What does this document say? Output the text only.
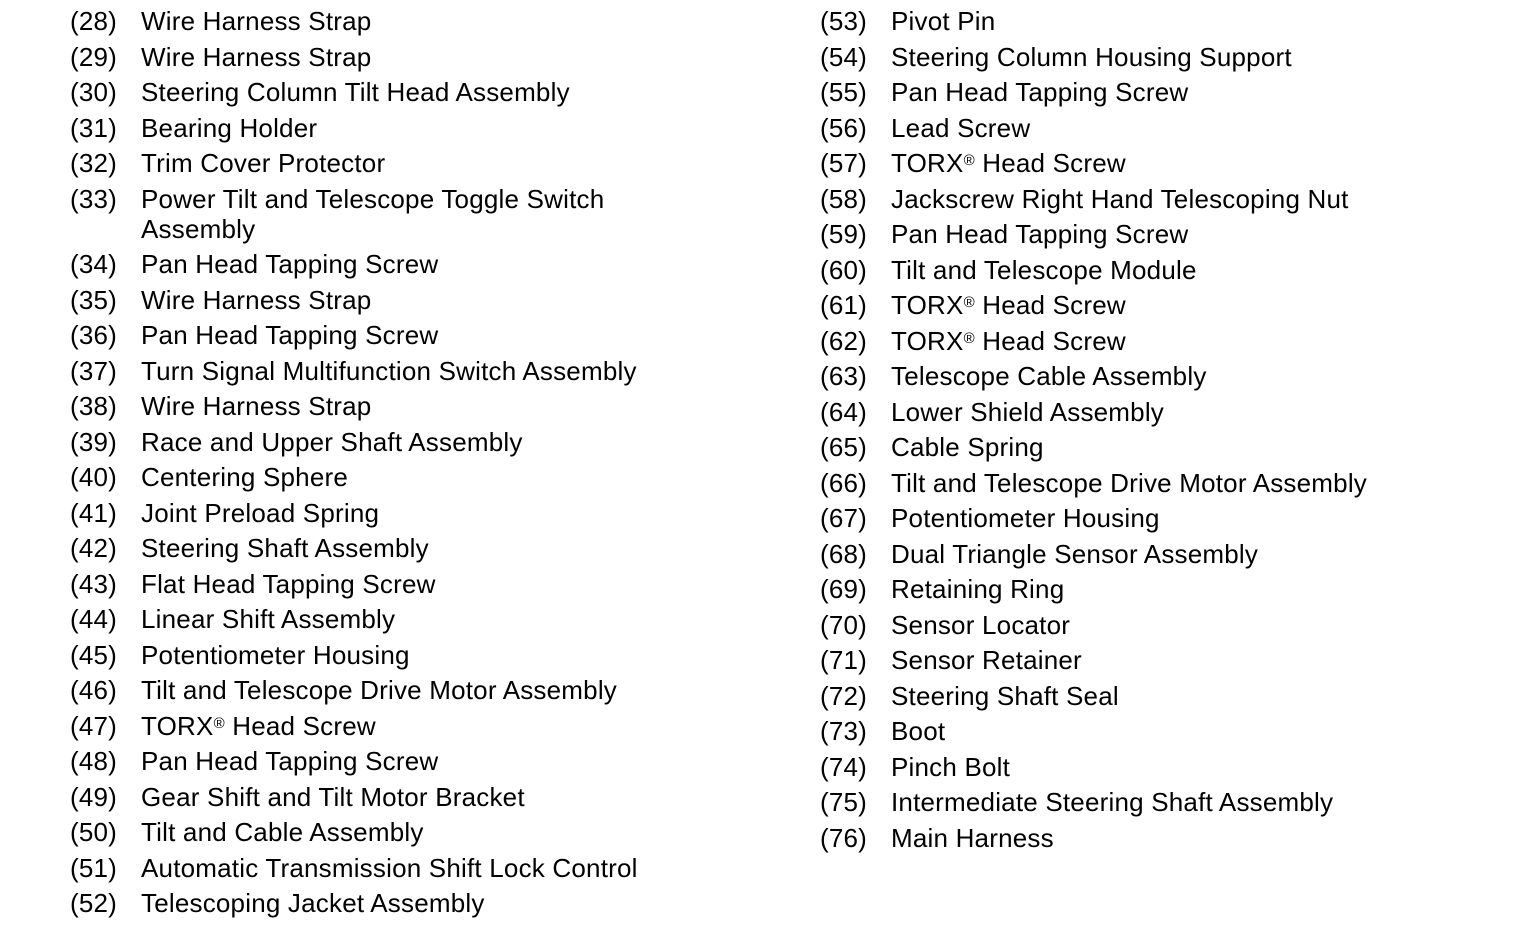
(28) Wire Harness Strap
(29) Wire Harness Strap
(30) Steering Column Tilt Head Assembly
(31) Bearing Holder
(32) Trim Cover Protector
(33) Power Tilt and Telescope Toggle Switch
Assembly
(34) Pan Head Tapping Screw
(35) Wire Harness Strap
(36) Pan Head Tapping Screw
(37) Turn Signal Multifunction Switch Assembly
(38) Wire Harness Strap
(39) Race and Upper Shaft Assembly
(40) Centering Sphere
(41) Joint Preload Spring
(42) Steering Shaft Assembly
(43) Flat Head Tapping Screw
(44) Linear Shift Assembly
(45) Potentiometer Housing
(46) Tilt and Telescope Drive Motor Assembly
(47) TORX® Head Screw
(48) Pan Head Tapping Screw
(49) Gear Shift and Tilt Motor Bracket
(50) Tilt and Cable Assembly
(51) Automatic Transmission Shift Lock Control
(52) Telescoping Jacket Assembly
(53) Pivot Pin
(54) Steering Column Housing Support
(55) Pan Head Tapping Screw
(56) Lead Screw
(57) TORX® Head Screw
(58) Jackscrew Right Hand Telescoping Nut
(59) Pan Head Tapping Screw
(60) Tilt and Telescope Module
(61) TORX® Head Screw
(62) TORX® Head Screw
(63) Telescope Cable Assembly
(64) Lower Shield Assembly
(65) Cable Spring
(66) Tilt and Telescope Drive Motor Assembly
(67) Potentiometer Housing
(68) Dual Triangle Sensor Assembly
(69) Retaining Ring
(70) Sensor Locator
(71) Sensor Retainer
(72) Steering Shaft Seal
(73) Boot
(74) Pinch Bolt
(75) Intermediate Steering Shaft Assembly
(76) Main Harness
